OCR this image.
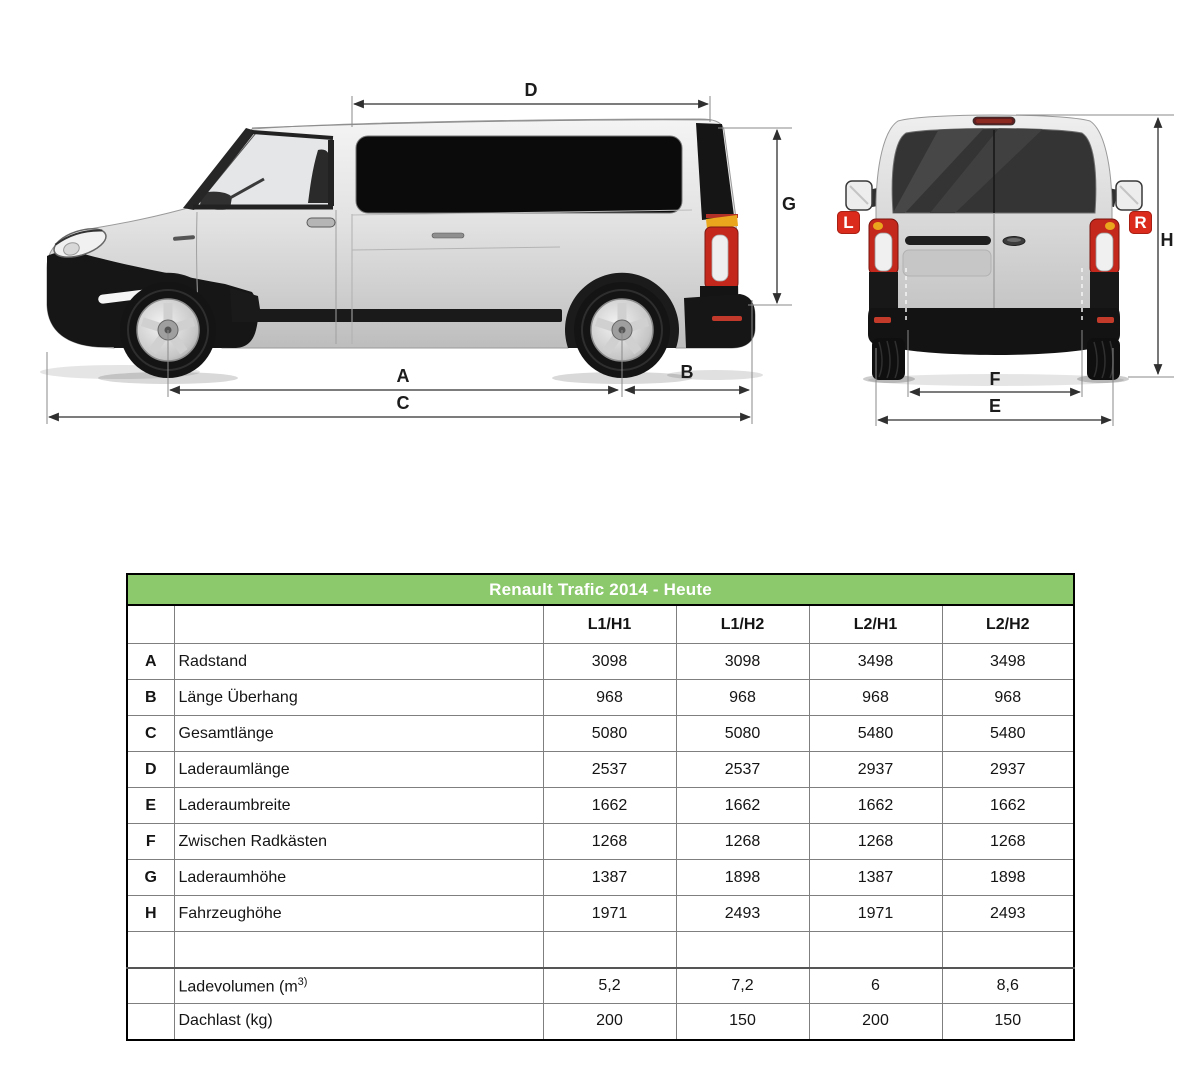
D
G
A	B
C
H
F
E
L	R
Renault Trafic 2014 - Heute					
		L1/H1	L1/H2	L2/H1	L2/H2
A	Radstand	3098	3098	3498	3498
B	Länge Überhang	968	968	968	968
C	Gesamtlänge	5080	5080	5480	5480
D	Laderaumlänge	2537	2537	2937	2937
E	Laderaumbreite	1662	1662	1662	1662
F	Zwischen Radkästen	1268	1268	1268	1268
G	Laderaumhöhe	1387	1898	1387	1898
H	Fahrzeughöhe	1971	2493	1971	2493

	Ladevolumen ($m^{3)}$	5,2	7,2	6	8,6
	Dachlast (kg)	200	150	200	150
